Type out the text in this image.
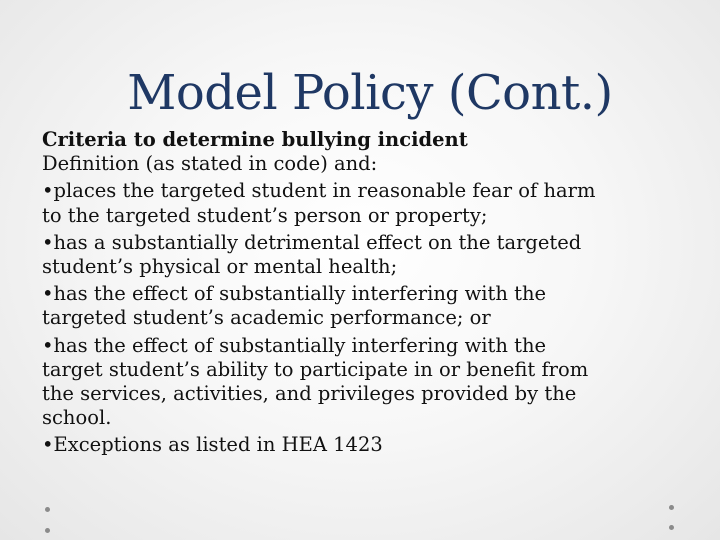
Model Policy (Cont.)
Criteria to determine bullying incident
Definition (as stated in code) and:
•places the targeted student in reasonable fear of harm
to the targeted student’s person or property;
•has a substantially detrimental effect on the targeted
student’s physical or mental health;
•has the effect of substantially interfering with the
targeted student’s academic performance; or
•has the effect of substantially interfering with the
target student’s ability to participate in or benefit from
the services, activities, and privileges provided by the
school.
•Exceptions as listed in HEA 1423
